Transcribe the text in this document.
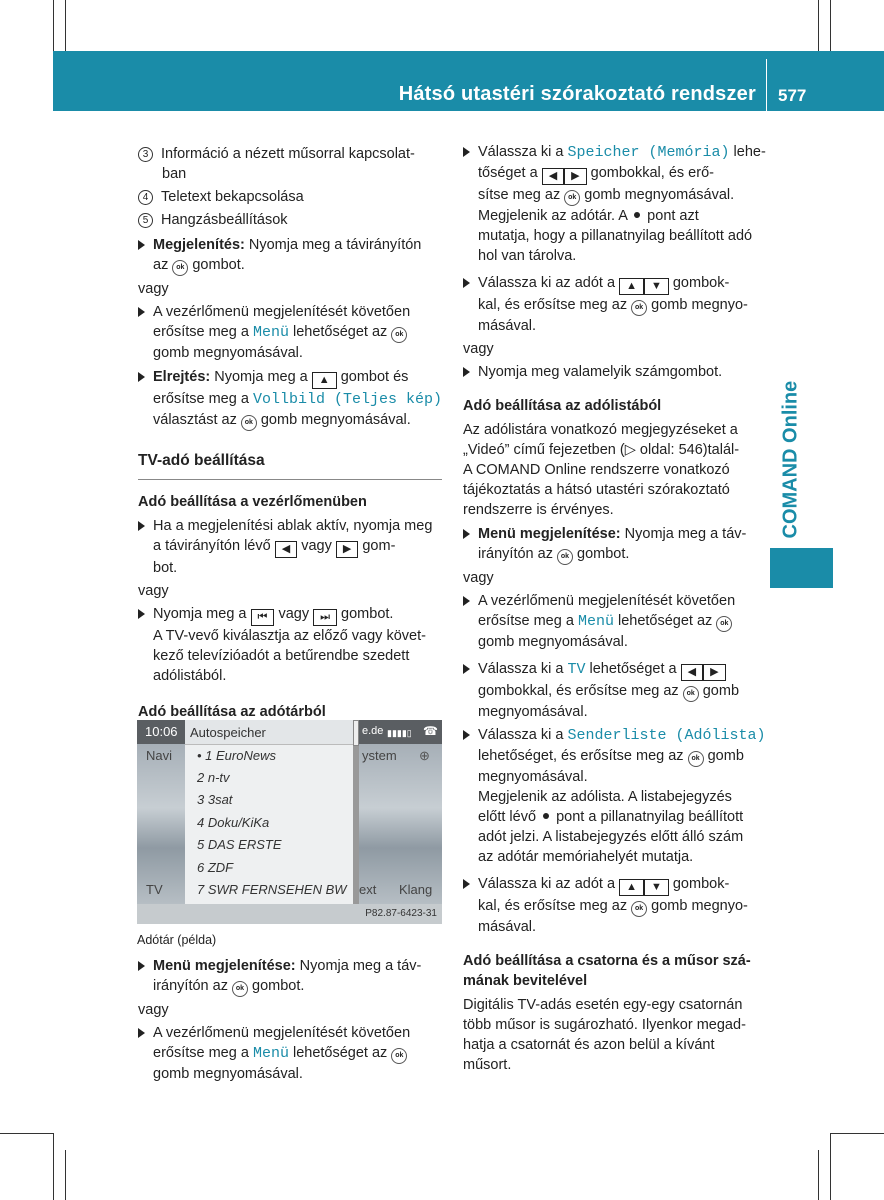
Hátsó utastéri szórakoztató rendszer 577
COMAND Online

3 Információ a nézett műsorral kapcsolat-

ban

4 Teletext bekapcsolása

5 Hangzásbeállítások

Megjelenítés: Nyomja meg a távirányítón

az ok gombot.

vagy

A vezérlőmenü megjelenítését követően

erősítse meg a Menü lehetőséget az ok

gomb megnyomásával.

Elrejtés: Nyomja meg a ▲ gombot és

erősítse meg a Vollbild (Teljes kép)

választást az ok gomb megnyomásával.

TV-adó beállítása

Adó beállítása a vezérlőmenüben

Ha a megjelenítési ablak aktív, nyomja meg

a távirányítón lévő ◀ vagy ▶ gom-

bot.

vagy

Nyomja meg a ⏮ vagy ⏭ gombot.

A TV-vevő kiválasztja az előző vagy követ-

kező televízióadót a betűrendbe szedett

adólistából.

Adó beállítása az adótárból

10:06	e.de ▮▮▮▮▯ ☎
Navi
TV
ystem ⊕
ext Klang
Autospeicher
• 1 EuroNews
2 n-tv
3 3sat
4 Doku/KiKa
5 DAS ERSTE
6 ZDF
7 SWR FERNSEHEN BW
P82.87-6423-31
Adótár (példa)

Menü megjelenítése: Nyomja meg a táv-

irányítón az ok gombot.

vagy

A vezérlőmenü megjelenítését követően

erősítse meg a Menü lehetőséget az ok

gomb megnyomásával.

Válassza ki a Speicher (Memória) lehe-

tőséget a ◀ ▶ gombokkal, és erő-

sítse meg az ok gomb megnyomásával.

Megjelenik az adótár. A  pont azt

mutatja, hogy a pillanatnyilag beállított adó

hol van tárolva.

Válassza ki az adót a ▲ ▼ gombok-

kal, és erősítse meg az ok gomb megnyo-

másával.

vagy

Nyomja meg valamelyik számgombot.

Adó beállítása az adólistából

Az adólistára vonatkozó megjegyzéseket a

„Videó” című fejezetben (▷ oldal: 546)talál-

A COMAND Online rendszerre vonatkozó

tájékoztatás a hátsó utastéri szórakoztató

rendszerre is érvényes.

Menü megjelenítése: Nyomja meg a táv-

irányítón az ok gombot.

vagy

A vezérlőmenü megjelenítését követően

erősítse meg a Menü lehetőséget az ok

gomb megnyomásával.

Válassza ki a TV lehetőséget a ◀ ▶

gombokkal, és erősítse meg az ok gomb

megnyomásával.

Válassza ki a Senderliste (Adólista)

lehetőséget, és erősítse meg az ok gomb

megnyomásával.

Megjelenik az adólista. A listabejegyzés

előtt lévő  pont a pillanatnyilag beállított

adót jelzi. A listabejegyzés előtt álló szám

az adótár memóriahelyét mutatja.

Válassza ki az adót a ▲ ▼ gombok-

kal, és erősítse meg az ok gomb megnyo-

másával.

Adó beállítása a csatorna és a műsor szá-

mának bevitelével

Digitális TV-adás esetén egy-egy csatornán

több műsor is sugározható. Ilyenkor megad-

hatja a csatornát és azon belül a kívánt

műsort.
